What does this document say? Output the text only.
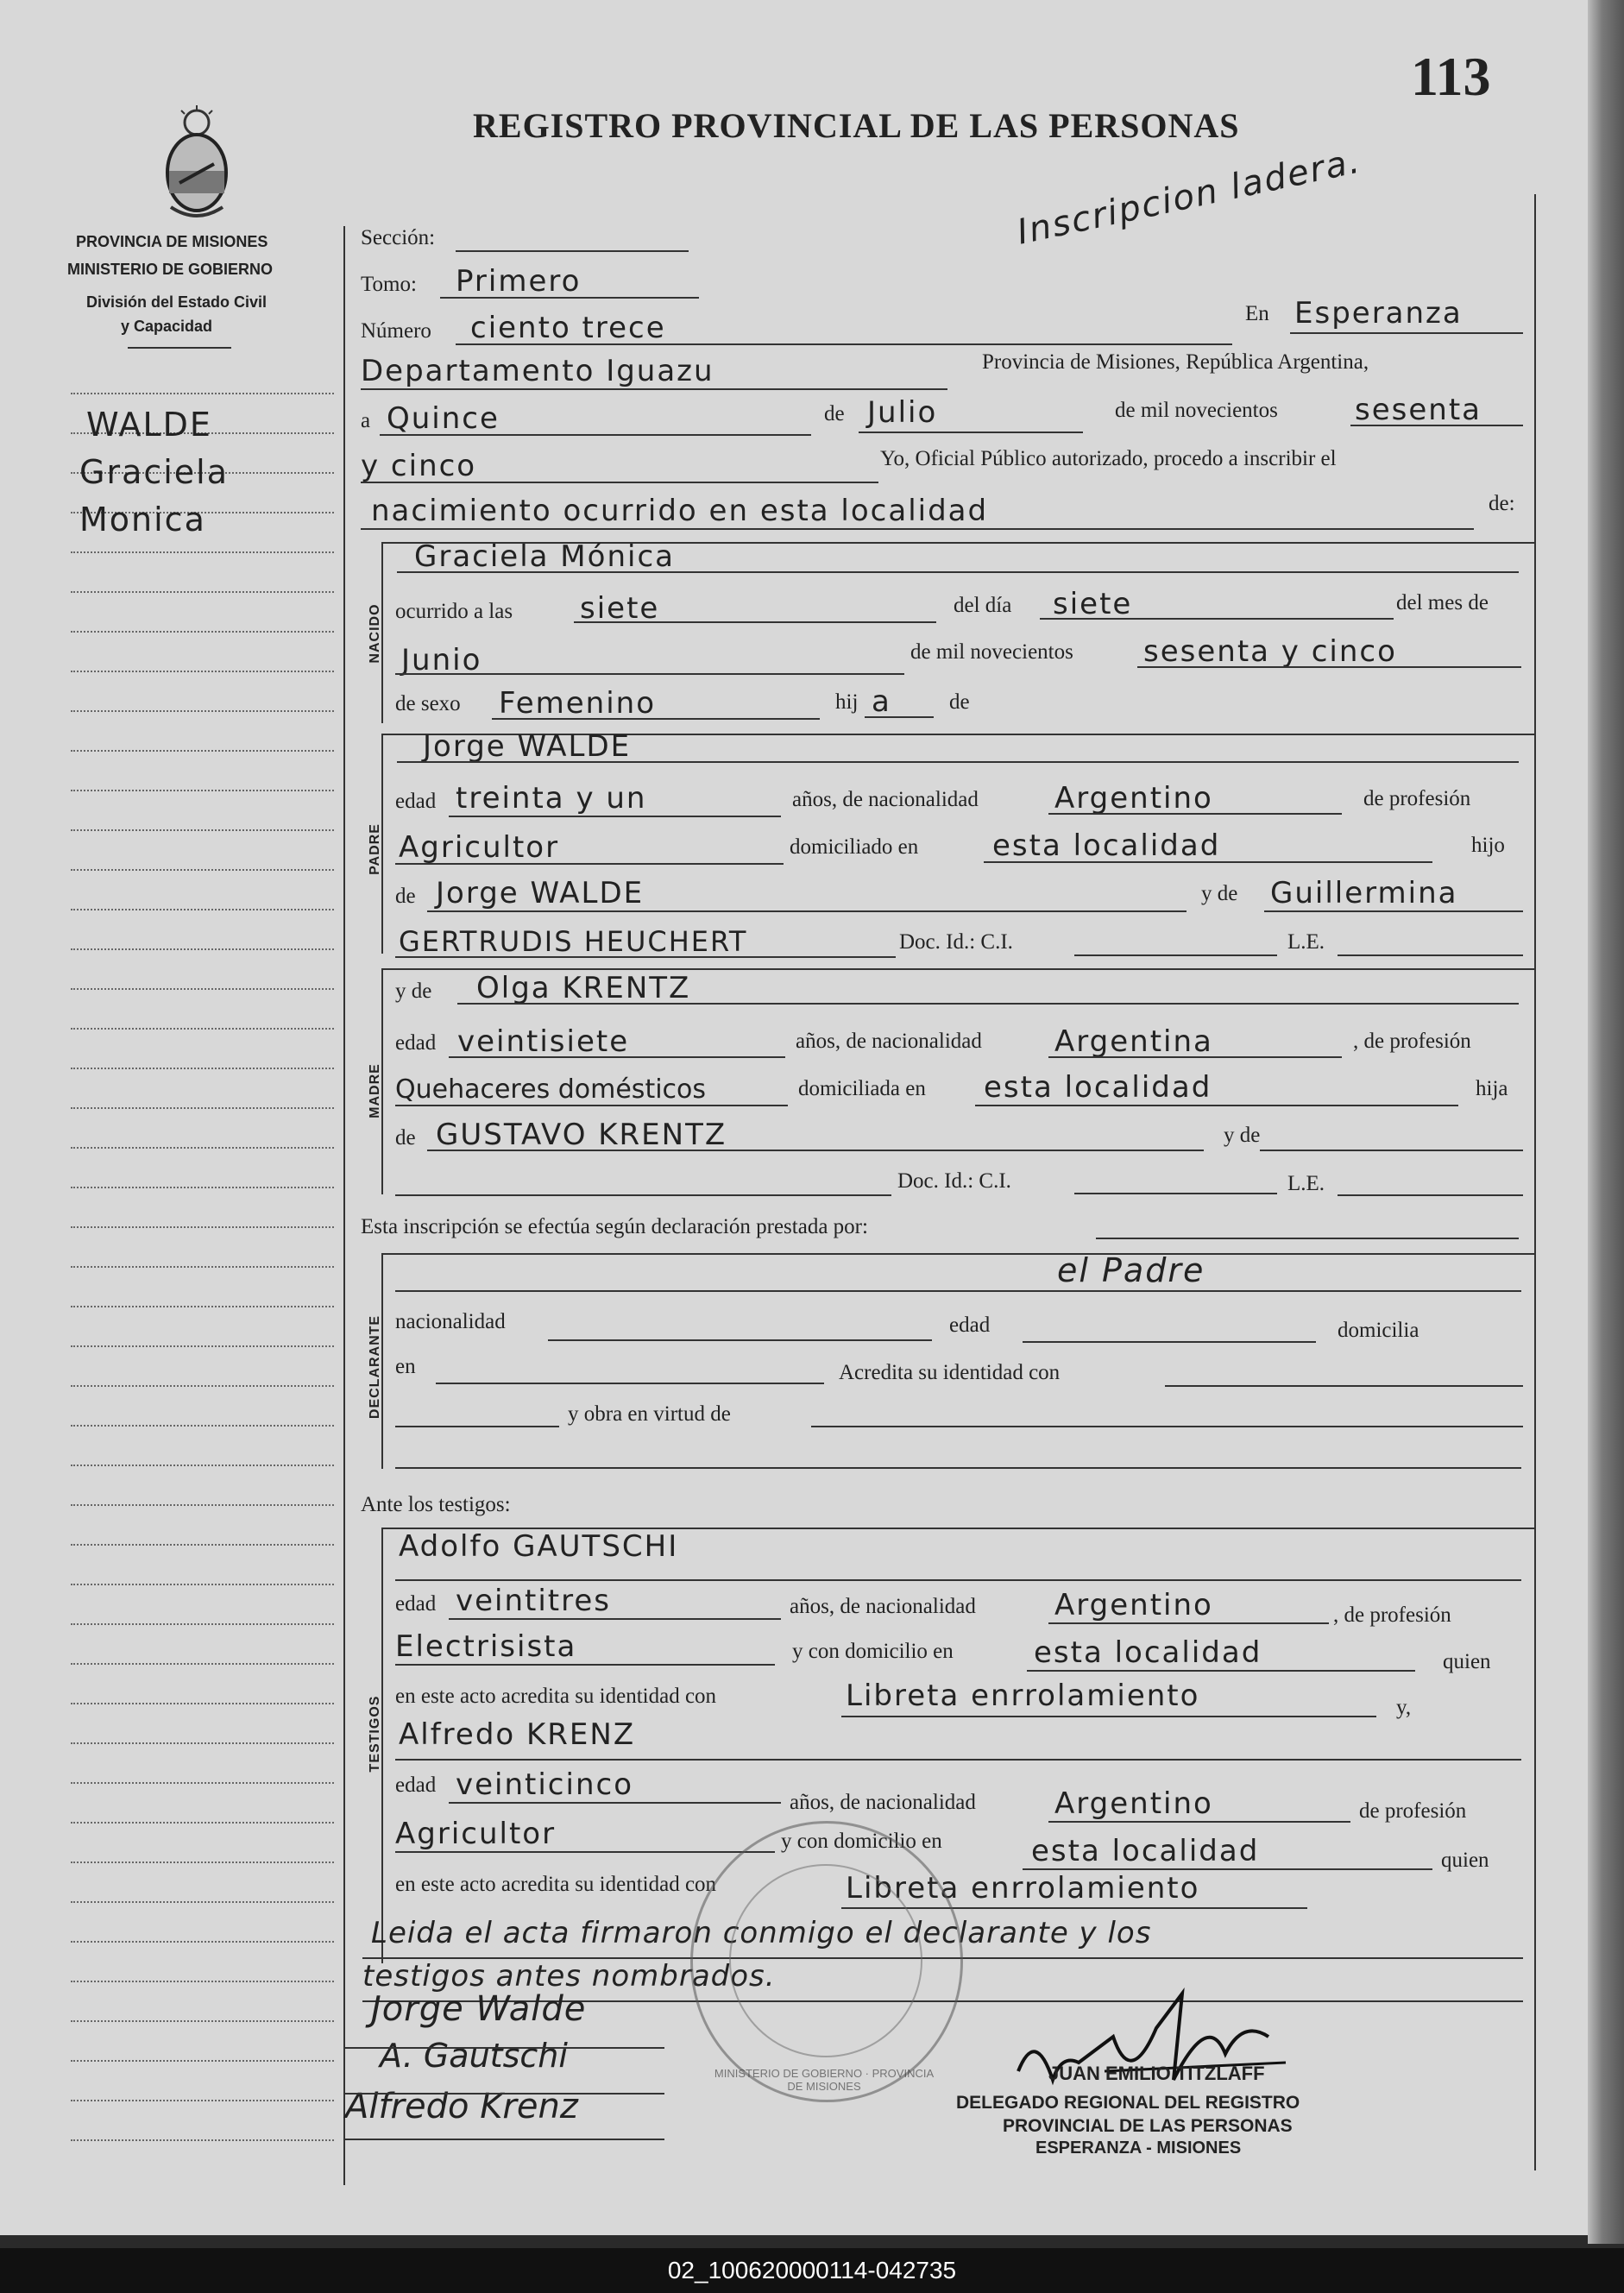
REGISTRO PROVINCIAL DE LAS PERSONAS
113
Inscripcion ladera.
PROVINCIA DE MISIONES
MINISTERIO DE GOBIERNO
División del Estado Civil
y Capacidad
WALDE
Graciela
Monica
Sección:
Tomo: Primero
Número ciento trece	En Esperanza
Departamento Iguazu	Provincia de Misiones, República Argentina,
a Quince	de Julio	de mil novecientos	sesenta
y cinco	Yo, Oficial Público autorizado, procedo a inscribir el
nacimiento ocurrido en esta localidad	de:
NACIDO
Graciela Mónica
ocurrido a las siete	del día siete	del mes de
Junio	de mil novecientos sesenta y cinco
de sexo Femenino	hij a	de
PADRE
Jorge WALDE
edad treinta y un	años, de nacionalidad	Argentino	de profesión
Agricultor	domiciliado en	esta localidad	hijo
de Jorge WALDE	y de Guillermina
GERTRUDIS HEUCHERT	Doc. Id.: C.I.	L.E.
MADRE
y de Olga KRENTZ
edad veintisiete	años, de nacionalidad Argentina	, de profesión
Quehaceres domésticos	domiciliada en esta localidad	hija
de GUSTAVO KRENTZ	y de
Doc. Id.: C.I.	L.E.
Esta inscripción se efectúa según declaración prestada por:
DECLARANTE
el Padre
nacionalidad	edad	domicilia
en	Acredita su identidad con
y obra en virtud de
Ante los testigos:
TESTIGOS
Adolfo GAUTSCHI
edad veintitres	años, de nacionalidad	Argentino	, de profesión
Electrisista	y con domicilio en	esta localidad	quien
en este acto acredita su identidad con	Libreta enrrolamiento	y,
Alfredo KRENZ
edad veinticinco
años, de nacionalidad	Argentino	de profesión
Agricultor	y con domicilio en	esta localidad	quien
en este acto acredita su identidad con	Libreta enrrolamiento
Leida el acta firmaron conmigo el declarante y los
testigos antes nombrados.
MINISTERIO DE GOBIERNO · PROVINCIA DE MISIONES
Jorge Walde
A. Gautschi
Alfredo Krenz
JUAN EMILIO TITZLAFF
DELEGADO REGIONAL DEL REGISTRO
PROVINCIAL DE LAS PERSONAS
ESPERANZA - MISIONES
02_100620000114-042735
